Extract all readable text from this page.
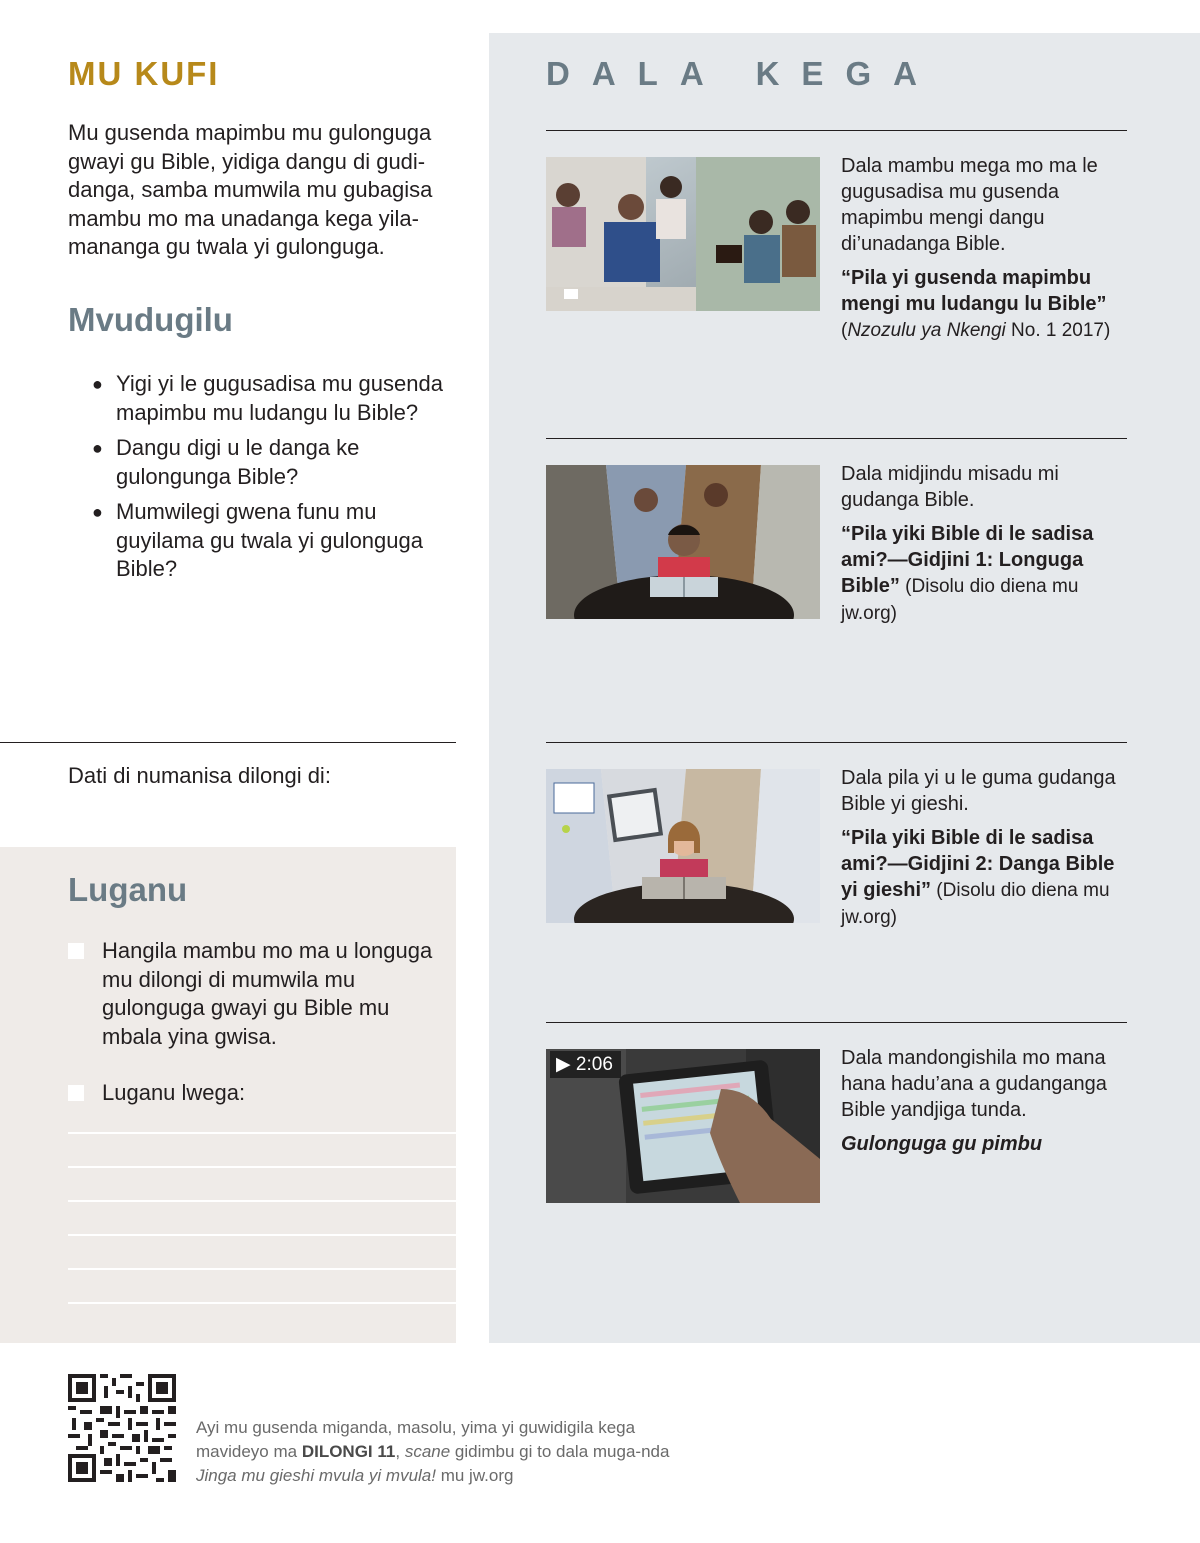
MU KUFI

Mu gusenda mapimbu mu gulonguga gwayi gu Bible, yidiga dangu di gudi-danga, samba mumwila mu gubagisa mambu mo ma unadanga kega yila-mananga gu twala yi gulonguga.

Mvudugilu
● Yigi yi le gugusadisa mu gusenda mapimbu mu ludangu lu Bible?
● Dangu digi u le danga ke gulongunga Bible?
● Mumwilegi gwena funu mu guyilama gu twala yi gulonguga Bible?
Dati di numanisa dilongi di:
Luganu
Hangila mambu mo ma u longuga mu dilongi di mumwila mu gulonguga gwayi gu Bible mu mbala yina gwisa.
Luganu lwega:
DALA KEGA

Dala mambu mega mo ma le gugusadisa mu gusenda mapimbu mengi dangu di’unadanga Bible.

“Pila yi gusenda mapimbu mengi mu ludangu lu Bible”
(Nzozulu ya Nkengi No. 1 2017)

Dala midjindu misadu mi gudanga Bible.

“Pila yiki Bible di le sadisa ami?—Gidjini 1: Longuga Bible” (Disolu dio diena mu jw.org)

Dala pila yi u le guma gudanga Bible yi gieshi.

“Pila yiki Bible di le sadisa ami?—Gidjini 2: Danga Bible yi gieshi” (Disolu dio diena mu jw.org)

▶ 2:06	Dala mandongishila mo mana hana hadu’ana a gudanganga Bible yandjiga tunda.

Gulonguga gu pimbu

Ayi mu gusenda miganda, masolu, yima yi guwidigila kega mavideyo ma DILONGI 11, scane gidimbu gi to dala muga-nda Jinga mu gieshi mvula yi mvula! mu jw.org
